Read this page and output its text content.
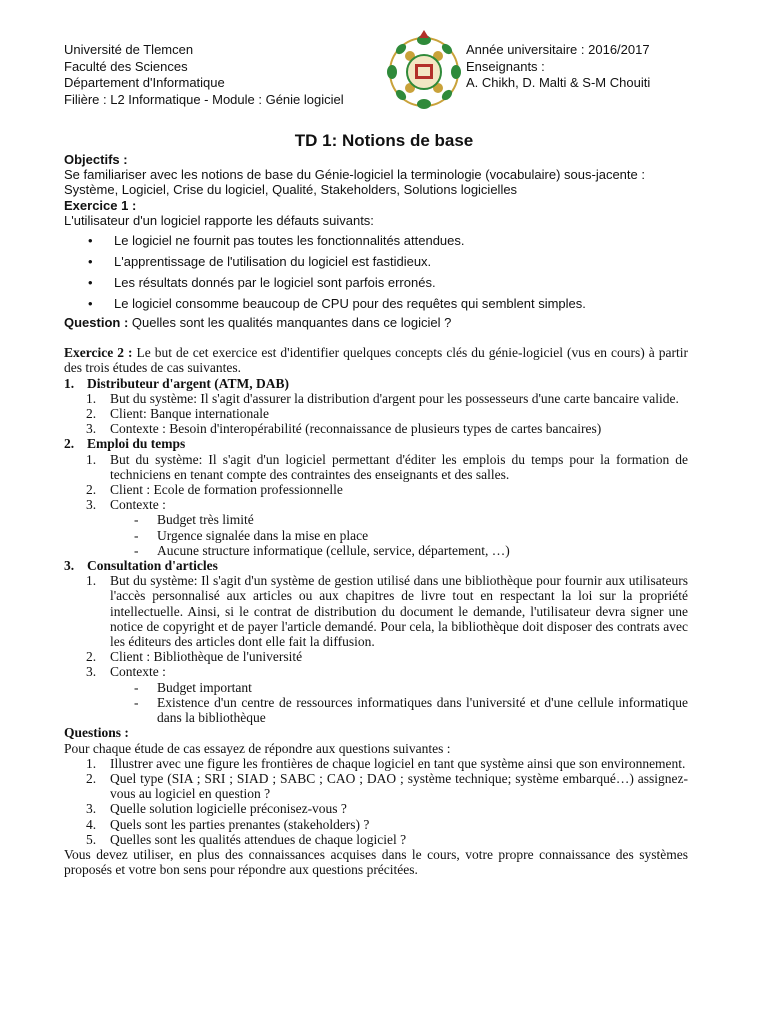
Université de Tlemcen
Faculté des Sciences
Département d'Informatique
Filière : L2 Informatique - Module : Génie logiciel
Année universitaire : 2016/2017
Enseignants :
A. Chikh, D. Malti & S-M Chouiti
TD 1: Notions de base
Objectifs :
Se familiariser avec les notions de base du Génie-logiciel la terminologie (vocabulaire) sous-jacente :
Système, Logiciel, Crise du logiciel, Qualité, Stakeholders, Solutions logicielles
Exercice 1 :
L'utilisateur d'un logiciel rapporte les défauts suivants:
• Le logiciel ne fournit pas toutes les fonctionnalités attendues.
• L'apprentissage de l'utilisation du logiciel est fastidieux.
• Les résultats donnés par le logiciel sont parfois erronés.
• Le logiciel consomme beaucoup de CPU pour des requêtes qui semblent simples.
Question : Quelles sont les qualités manquantes dans ce logiciel ?
Exercice 2 : Le but de cet exercice est d'identifier quelques concepts clés du génie-logiciel (vus en cours) à partir des trois études de cas suivantes.
1. Distributeur d'argent (ATM, DAB)
1. But du système: Il s'agit d'assurer la distribution d'argent pour les possesseurs d'une carte bancaire valide.
2. Client: Banque internationale
3. Contexte : Besoin d'interopérabilité (reconnaissance de plusieurs types de cartes bancaires)
2. Emploi du temps
1. But du système: Il s'agit d'un logiciel permettant d'éditer les emplois du temps pour la formation de techniciens en tenant compte des contraintes des enseignants et des salles.
2. Client : Ecole de formation professionnelle
3. Contexte :
- Budget très limité
- Urgence signalée dans la mise en place
- Aucune structure informatique (cellule, service, département, …)
3. Consultation d'articles
1. But du système: Il s'agit d'un système de gestion utilisé dans une bibliothèque pour fournir aux utilisateurs l'accès personnalisé aux articles ou aux chapitres de livre tout en respectant la loi sur la propriété intellectuelle. Ainsi, si le contrat de distribution du document le demande, l'utilisateur devra signer une notice de copyright et de payer l'article demandé. Pour cela, la bibliothèque doit disposer des contrats avec les éditeurs des articles dont elle fait la diffusion.
2. Client : Bibliothèque de l'université
3. Contexte :
- Budget important
- Existence d'un centre de ressources informatiques dans l'université et d'une cellule informatique dans la bibliothèque
Questions :
Pour chaque étude de cas essayez de répondre aux questions suivantes :
1. Illustrer avec une figure les frontières de chaque logiciel en tant que système ainsi que son environnement.
2. Quel type (SIA ; SRI ; SIAD ; SABC ; CAO ; DAO ; système technique; système embarqué…) assignez-vous au logiciel en question ?
3. Quelle solution logicielle préconisez-vous ?
4. Quels sont les parties prenantes (stakeholders) ?
5. Quelles sont les qualités attendues de chaque logiciel ?
Vous devez utiliser, en plus des connaissances acquises dans le cours, votre propre connaissance des systèmes proposés et votre bon sens pour répondre aux questions précitées.
